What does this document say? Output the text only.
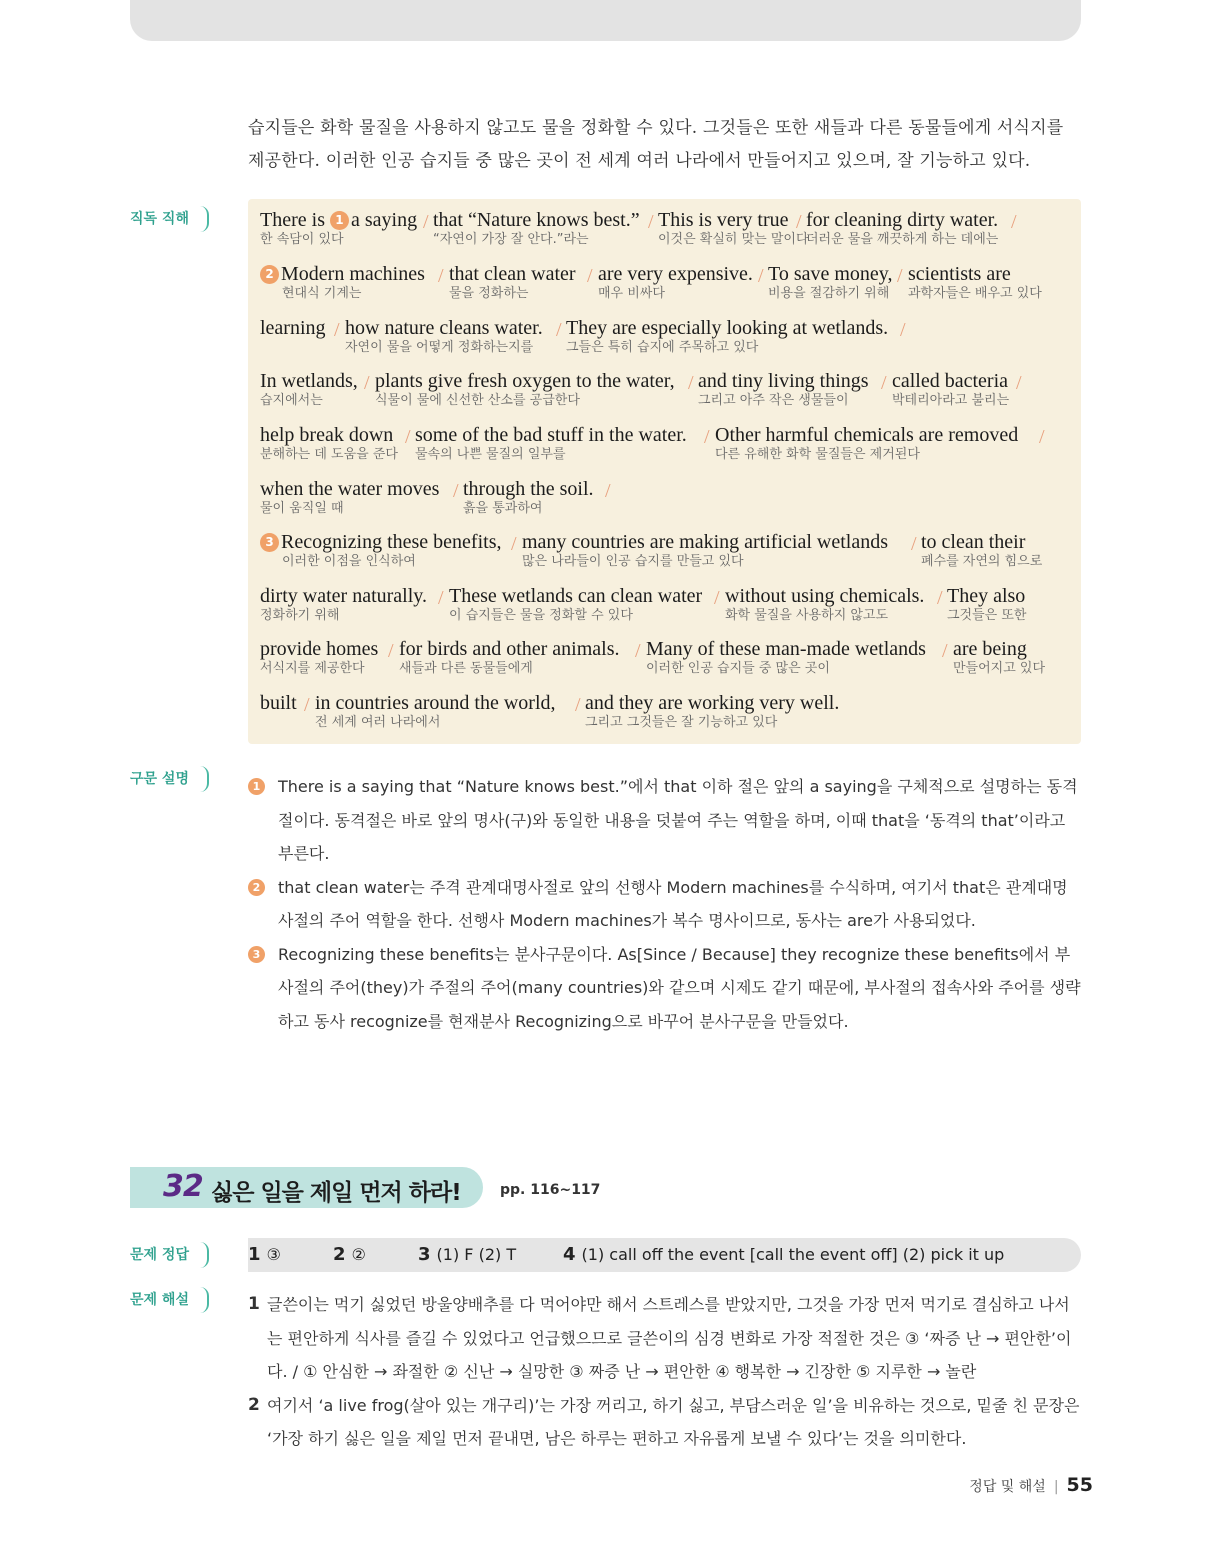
습지들은 화학 물질을 사용하지 않고도 물을 정화할 수 있다. 그것들은 또한 새들과 다른 동물들에게 서식지를 제공한다. 이러한 인공 습지들 중 많은 곳이 전 세계 여러 나라에서 만들어지고 있으며, 잘 기능하고 있다.
직독 직해
구문 설명
문제 정답
문제 해설
There is 1 a saying
한 속담이 있다
/ that “Nature knows best.”
“자연이 가장 잘 안다.”라는
/ This is very true
이것은 확실히 맞는 말이다
/ for cleaning dirty water.
더러운 물을 깨끗하게 하는 데에는
/
2 Modern machines
현대식 기계는
/ that clean water
물을 정화하는
/ are very expensive.
매우 비싸다
/ To save money,
비용을 절감하기 위해
/ scientists are
과학자들은 배우고 있다
learning / how nature cleans water.
자연이 물을 어떻게 정화하는지를
/ They are especially looking at wetlands.
그들은 특히 습지에 주목하고 있다
/
In wetlands,
습지에서는
/ plants give fresh oxygen to the water,
식물이 물에 신선한 산소를 공급한다
/ and tiny living things
그리고 아주 작은 생물들이
/ called bacteria
박테리아라고 불리는
/
help break down
분해하는 데 도움을 준다
/ some of the bad stuff in the water.
물속의 나쁜 물질의 일부를
/ Other harmful chemicals are removed
다른 유해한 화학 물질들은 제거된다
/
when the water moves
물이 움직일 때
/ through the soil.
흙을 통과하여
/
3 Recognizing these benefits,
이러한 이점을 인식하여
/ many countries are making artificial wetlands
많은 나라들이 인공 습지를 만들고 있다
/ to clean their
폐수를 자연의 힘으로
dirty water naturally.
정화하기 위해
/ These wetlands can clean water
이 습지들은 물을 정화할 수 있다
/ without using chemicals.
화학 물질을 사용하지 않고도
/ They also
그것들은 또한
provide homes
서식지를 제공한다
/ for birds and other animals.
새들과 다른 동물들에게
/ Many of these man-made wetlands
이러한 인공 습지들 중 많은 곳이
/ are being
만들어지고 있다
built / in countries around the world,
전 세계 여러 나라에서
/ and they are working very well.
그리고 그것들은 잘 기능하고 있다
1 There is a saying that “Nature knows best.”에서 that 이하 절은 앞의 a saying을 구체적으로 설명하는 동격절이다. 동격절은 바로 앞의 명사(구)와 동일한 내용을 덧붙여 주는 역할을 하며, 이때 that을 ‘동격의 that’이라고 부른다.
2 that clean water는 주격 관계대명사절로 앞의 선행사 Modern machines를 수식하며, 여기서 that은 관계대명사절의 주어 역할을 한다. 선행사 Modern machines가 복수 명사이므로, 동사는 are가 사용되었다.
3 Recognizing these benefits는 분사구문이다. As[Since / Because] they recognize these benefits에서 부사절의 주어(they)가 주절의 주어(many countries)와 같으며 시제도 같기 때문에, 부사절의 접속사와 주어를 생략하고 동사 recognize를 현재분사 Recognizing으로 바꾸어 분사구문을 만들었다.
32 싫은 일을 제일 먼저 하라!	pp. 116~117
1 ③	2 ②	3 (1) F (2) T	4 (1) call off the event [call the event off] (2) pick it up
1 글쓴이는 먹기 싫었던 방울양배추를 다 먹어야만 해서 스트레스를 받았지만, 그것을 가장 먼저 먹기로 결심하고 나서는 편안하게 식사를 즐길 수 있었다고 언급했으므로 글쓴이의 심경 변화로 가장 적절한 것은 ③ ‘짜증 난 → 편안한’이다. / ① 안심한 → 좌절한 ② 신난 → 실망한 ③ 짜증 난 → 편안한 ④ 행복한 → 긴장한 ⑤ 지루한 → 놀란
2 여기서 ‘a live frog(살아 있는 개구리)’는 가장 꺼리고, 하기 싫고, 부담스러운 일’을 비유하는 것으로, 밑줄 친 문장은 ‘가장 하기 싫은 일을 제일 먼저 끝내면, 남은 하루는 편하고 자유롭게 보낼 수 있다’는 것을 의미한다.
정답 및 해설 | 55
